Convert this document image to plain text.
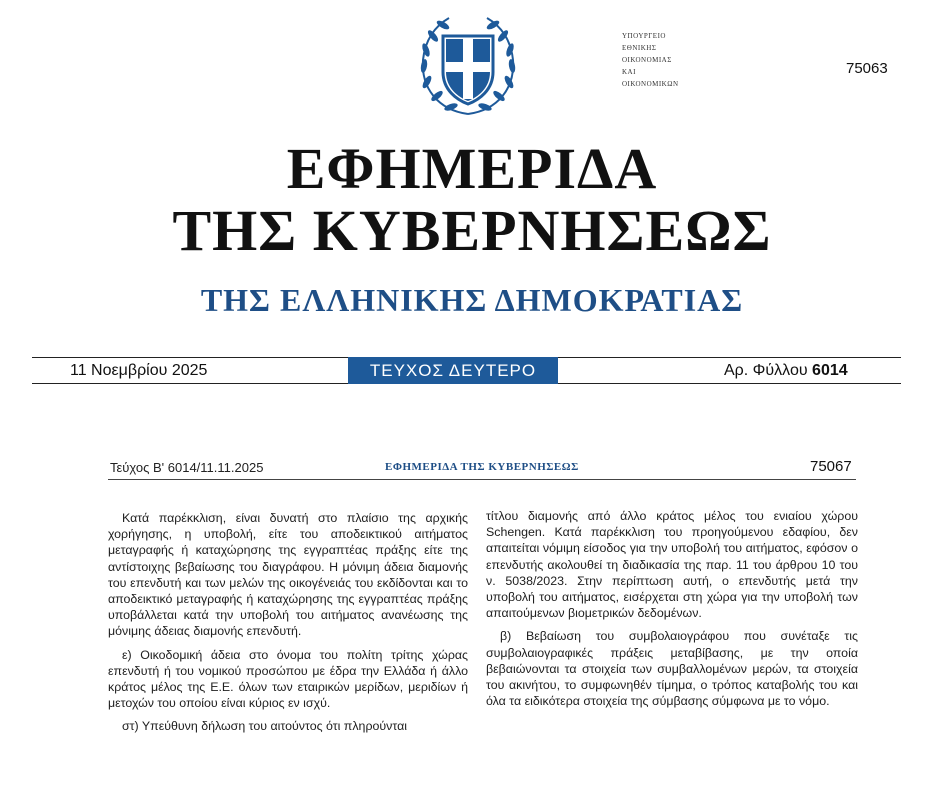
ΥΠΟΥΡΓΕΙΟ
ΕΘΝΙΚΗΣ
ΟΙΚΟΝΟΜΙΑΣ
ΚΑΙ
ΟΙΚΟΝΟΜΙΚΩΝ
75063
ΕΦΗΜΕΡΙΔΑ
ΤΗΣ ΚΥΒΕΡΝΗΣΕΩΣ
ΤΗΣ ΕΛΛΗΝΙΚΗΣ ΔΗΜΟΚΡΑΤΙΑΣ
11 Νοεμβρίου 2025	ΤΕΥΧΟΣ ΔΕΥΤΕΡΟ	Αρ. Φύλλου 6014
Τεύχος Β' 6014/11.11.2025	ΕΦΗΜΕΡΙΔΑ ΤΗΣ ΚΥΒΕΡΝΗΣΕΩΣ	75067

Κατά παρέκκλιση, είναι δυνατή στο πλαίσιο της αρχικής χορήγησης, η υποβολή, είτε του αποδεικτικού αιτήματος μεταγραφής ή καταχώρησης της εγγραπτέας πράξης είτε της αντίστοιχης βεβαίωσης του διαγράφου. Η μόνιμη άδεια διαμονής του επενδυτή και των μελών της οικογένειάς του εκδίδονται και το αποδεικτικό μεταγραφής ή καταχώρησης της εγγραπτέας πράξης υποβάλλεται κατά την υποβολή του αιτήματος ανανέωσης της μόνιμης άδειας διαμονής επενδυτή.

ε) Οικοδομική άδεια στο όνομα του πολίτη τρίτης χώρας επενδυτή ή του νομικού προσώπου με έδρα την Ελλάδα ή άλλο κράτος μέλος της Ε.Ε. όλων των εταιρικών μερίδων, μεριδίων ή μετοχών του οποίου είναι κύριος εν ισχύ.

στ) Υπεύθυνη δήλωση του αιτούντος ότι πληρούνται

τίτλου διαμονής από άλλο κράτος μέλος του ενιαίου χώρου Schengen. Κατά παρέκκλιση του προηγούμενου εδαφίου, δεν απαιτείται νόμιμη είσοδος για την υποβολή του αιτήματος, εφόσον ο επενδυτής ακολουθεί τη διαδικασία της παρ. 11 του άρθρου 10 του ν. 5038/2023. Στην περίπτωση αυτή, ο επενδυτής μετά την υποβολή του αιτήματος, εισέρχεται στη χώρα για την υποβολή των απαιτούμενων βιομετρικών δεδομένων.

β) Βεβαίωση του συμβολαιογράφου που συνέταξε τις συμβολαιογραφικές πράξεις μεταβίβασης, με την οποία βεβαιώνονται τα στοιχεία των συμβαλλομένων μερών, τα στοιχεία του ακινήτου, το συμφωνηθέν τίμημα, ο τρόπος καταβολής του και όλα τα ειδικότερα στοιχεία της σύμβασης σύμφωνα με το νόμο.
